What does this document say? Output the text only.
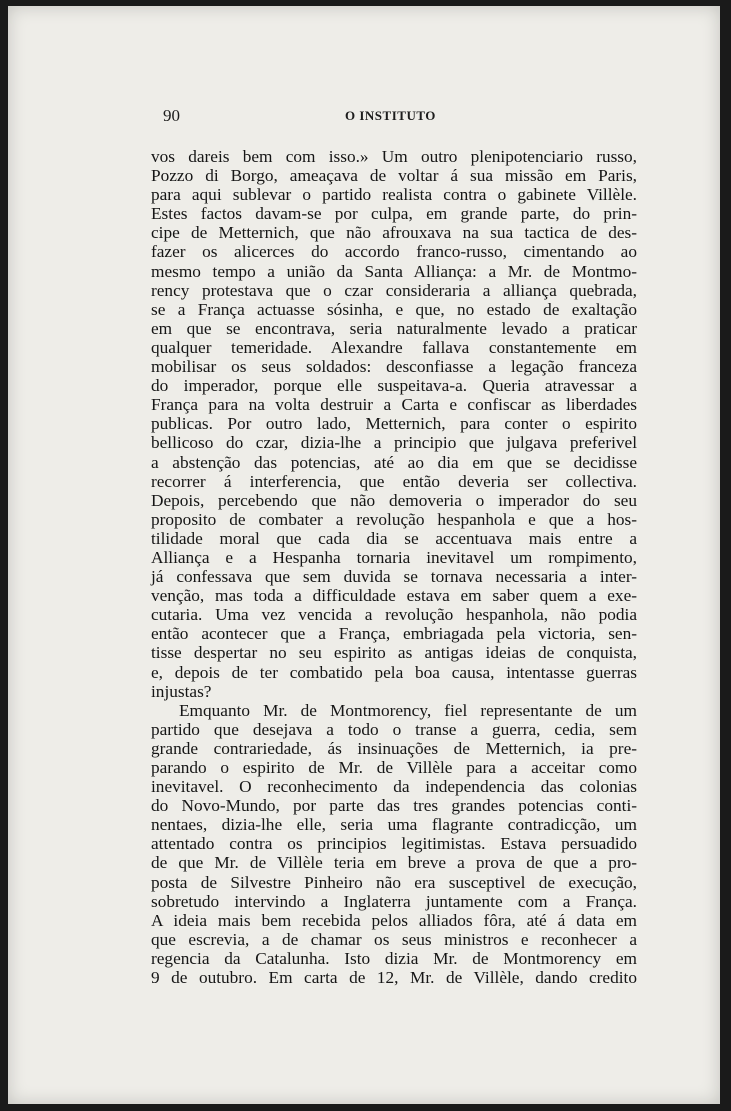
90	O INSTITUTO
vos dareis bem com isso.» Um outro plenipotenciario russo,
Pozzo di Borgo, ameaçava de voltar á sua missão em Paris,
para aqui sublevar o partido realista contra o gabinete Villèle.
Estes factos davam-se por culpa, em grande parte, do prin-
cipe de Metternich, que não afrouxava na sua tactica de des-
fazer os alicerces do accordo franco-russo, cimentando ao
mesmo tempo a união da Santa Alliança: a Mr. de Montmo-
rency protestava que o czar consideraria a alliança quebrada,
se a França actuasse sósinha, e que, no estado de exaltação
em que se encontrava, seria naturalmente levado a praticar
qualquer temeridade. Alexandre fallava constantemente em
mobilisar os seus soldados: desconfiasse a legação franceza
do imperador, porque elle suspeitava-a. Queria atravessar a
França para na volta destruir a Carta e confiscar as liberdades
publicas. Por outro lado, Metternich, para conter o espirito
bellicoso do czar, dizia-lhe a principio que julgava preferivel
a abstenção das potencias, até ao dia em que se decidisse
recorrer á interferencia, que então deveria ser collectiva.
Depois, percebendo que não demoveria o imperador do seu
proposito de combater a revolução hespanhola e que a hos-
tilidade moral que cada dia se accentuava mais entre a
Alliança e a Hespanha tornaria inevitavel um rompimento,
já confessava que sem duvida se tornava necessaria a inter-
venção, mas toda a difficuldade estava em saber quem a exe-
cutaria. Uma vez vencida a revolução hespanhola, não podia
então acontecer que a França, embriagada pela victoria, sen-
tisse despertar no seu espirito as antigas ideias de conquista,
e, depois de ter combatido pela boa causa, intentasse guerras
injustas?
Emquanto Mr. de Montmorency, fiel representante de um
partido que desejava a todo o transe a guerra, cedia, sem
grande contrariedade, ás insinuações de Metternich, ia pre-
parando o espirito de Mr. de Villèle para a acceitar como
inevitavel. O reconhecimento da independencia das colonias
do Novo-Mundo, por parte das tres grandes potencias conti-
nentaes, dizia-lhe elle, seria uma flagrante contradicção, um
attentado contra os principios legitimistas. Estava persuadido
de que Mr. de Villèle teria em breve a prova de que a pro-
posta de Silvestre Pinheiro não era susceptivel de execução,
sobretudo intervindo a Inglaterra juntamente com a França.
A ideia mais bem recebida pelos alliados fôra, até á data em
que escrevia, a de chamar os seus ministros e reconhecer a
regencia da Catalunha. Isto dizia Mr. de Montmorency em
9 de outubro. Em carta de 12, Mr. de Villèle, dando credito
